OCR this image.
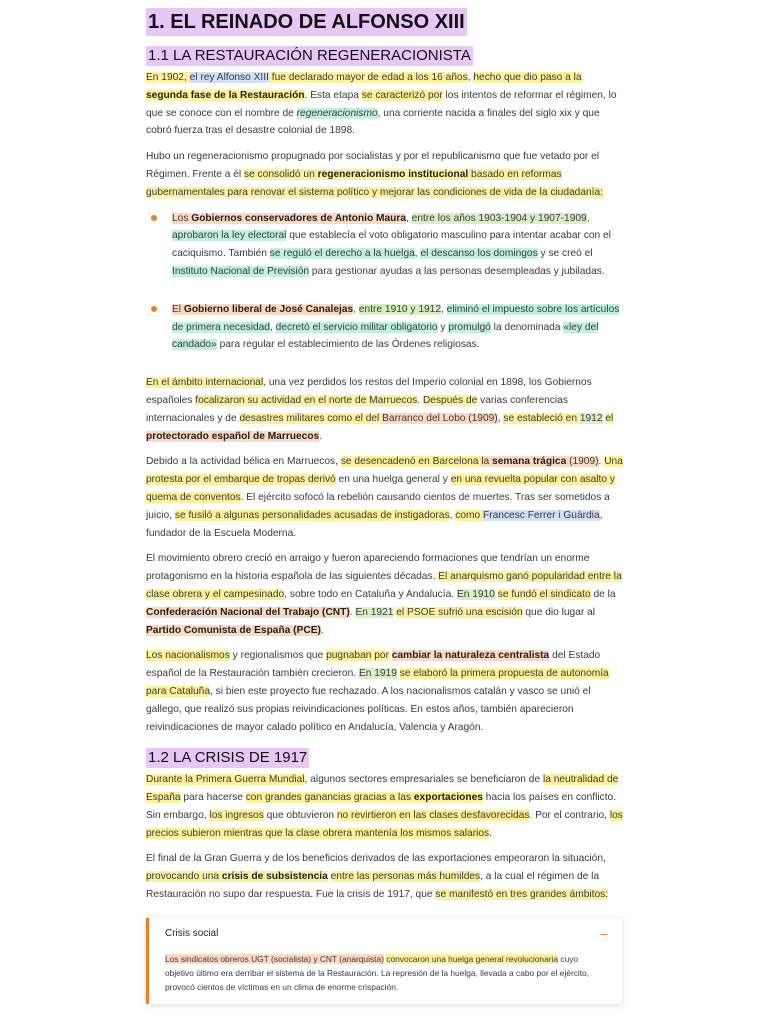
1. EL REINADO DE ALFONSO XIII
1.1 LA RESTAURACIÓN REGENERACIONISTA

En 1902, el rey Alfonso XIII fue declarado mayor de edad a los 16 años, hecho que dio paso a la segunda fase de la Restauración. Esta etapa se caracterizó por los intentos de reformar el régimen, lo que se conoce con el nombre de regeneracionismo, una corriente nacida a finales del siglo xix y que cobró fuerza tras el desastre colonial de 1898.

Hubo un regeneracionismo propugnado por socialistas y por el republicanismo que fue vetado por el Régimen. Frente a él se consolidó un regeneracionismo institucional basado en reformas gubernamentales para renovar el sistema político y mejorar las condiciones de vida de la ciudadanía:

Los Gobiernos conservadores de Antonio Maura, entre los años 1903-1904 y 1907-1909, aprobaron la ley electoral que establecía el voto obligatorio masculino para intentar acabar con el caciquismo. También se reguló el derecho a la huelga, el descanso los domingos y se creó el Instituto Nacional de Previsión para gestionar ayudas a las personas desempleadas y jubiladas.
El Gobierno liberal de José Canalejas, entre 1910 y 1912, eliminó el impuesto sobre los artículos de primera necesidad, decretó el servicio militar obligatorio y promulgó la denominada «ley del candado» para regular el establecimiento de las Órdenes religiosas.

En el ámbito internacional, una vez perdidos los restos del Imperio colonial en 1898, los Gobiernos españoles focalizaron su actividad en el norte de Marruecos. Después de varias conferencias internacionales y de desastres militares como el del Barranco del Lobo (1909), se estableció en 1912 el protectorado español de Marruecos.

Debido a la actividad bélica en Marruecos, se desencadenó en Barcelona la semana trágica (1909). Una protesta por el embarque de tropas derivó en una huelga general y en una revuelta popular con asalto y quema de conventos. El ejército sofocó la rebelión causando cientos de muertes. Tras ser sometidos a juicio, se fusiló a algunas personalidades acusadas de instigadoras, como Francesc Ferrer i Guàrdia, fundador de la Escuela Moderna.

El movimiento obrero creció en arraigo y fueron apareciendo formaciones que tendrían un enorme protagonismo en la historia española de las siguientes décadas. El anarquismo ganó popularidad entre la clase obrera y el campesinado, sobre todo en Cataluña y Andalucía. En 1910 se fundó el sindicato de la Confederación Nacional del Trabajo (CNT). En 1921 el PSOE sufrió una escisión que dio lugar al Partido Comunista de España (PCE).

Los nacionalismos y regionalismos que pugnaban por cambiar la naturaleza centralista del Estado español de la Restauración también crecieron. En 1919 se elaboró la primera propuesta de autonomía para Cataluña, si bien este proyecto fue rechazado. A los nacionalismos catalán y vasco se unió el gallego, que realizó sus propias reivindicaciones políticas. En estos años, también aparecieron reivindicaciones de mayor calado político en Andalucía, Valencia y Aragón.

1.2 LA CRISIS DE 1917

Durante la Primera Guerra Mundial, algunos sectores empresariales se beneficiaron de la neutralidad de España para hacerse con grandes ganancias gracias a las exportaciones hacia los países en conflicto. Sin embargo, los ingresos que obtuvieron no revirtieron en las clases desfavorecidas. Por el contrario, los precios subieron mientras que la clase obrera mantenía los mismos salarios.

El final de la Gran Guerra y de los beneficios derivados de las exportaciones empeoraron la situación, provocando una crisis de subsistencia entre las personas más humildes, a la cual el régimen de la Restauración no supo dar respuesta. Fue la crisis de 1917, que se manifestó en tres grandes ámbitos:

Crisis social	−

Los sindicatos obreros UGT (socialista) y CNT (anarquista) convocaron una huelga general revolucionaria cuyo objetivo último era derribar el sistema de la Restauración. La represión de la huelga, llevada a cabo por el ejército, provocó cientos de víctimas en un clima de enorme crispación.
